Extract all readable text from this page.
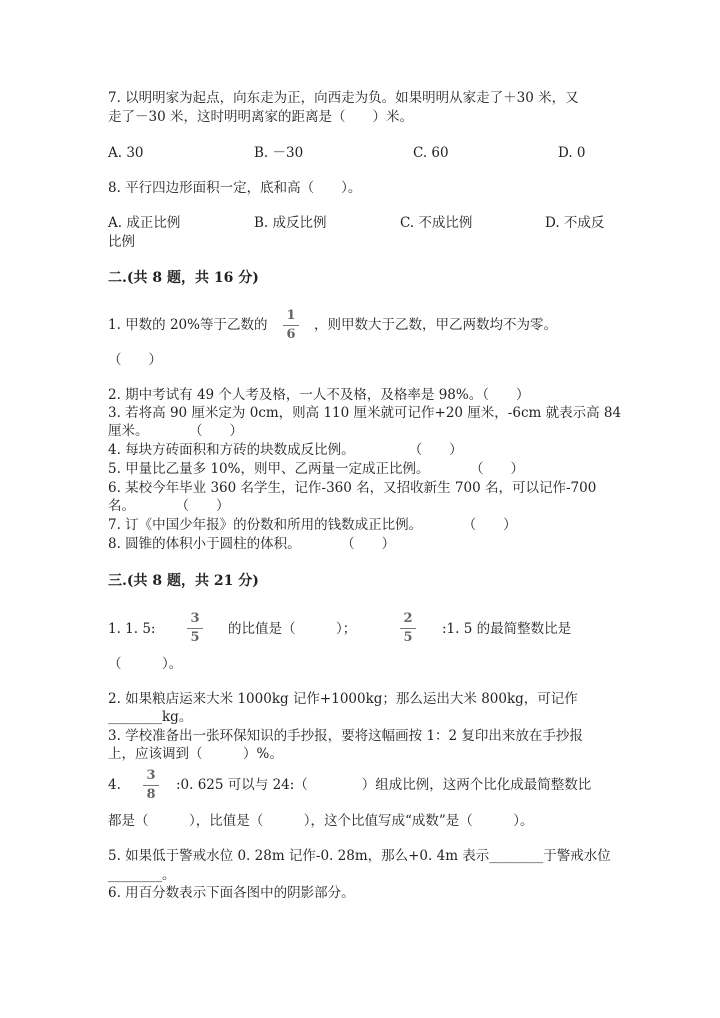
7. 以明明家为起点，向东走为正，向西走为负。如果明明从家走了＋30 米，又
走了－30 米，这时明明离家的距离是（　　）米。
A. 30	B. －30	C. 60	D. 0
8. 平行四边形面积一定，底和高（　　）。
A. 成正比例	B. 成反比例	C. 不成比例	D. 不成反
比例
二.(共 8 题，共 16 分)
1. 甲数的 20%等于乙数的
1
6
，则甲数大于乙数，甲乙两数均不为零。
（　　）
2. 期中考试有 49 个人考及格，一人不及格，及格率是 98%。（　　）
3. 若将高 90 厘米定为 0cm，则高 110 厘米就可记作+20 厘米，-6cm 就表示高 84
厘米。　　　　（　　）
4. 每块方砖面积和方砖的块数成反比例。　　　　　（　　）
5. 甲量比乙量多 10%，则甲、乙两量一定成正比例。　　　　（　　）
6. 某校今年毕业 360 名学生，记作-360 名，又招收新生 700 名，可以记作-700
名。　　　　（　　）
7. 订《中国少年报》的份数和所用的钱数成正比例。　　　　（　　）
8. 圆锥的体积小于圆柱的体积。　　　　（　　）
三.(共 8 题，共 21 分)
1. 1. 5:
3
5
的比值是（　　　）；
2
5
:1. 5 的最简整数比是
（　　　）。
2. 如果粮店运来大米 1000kg 记作+1000kg；那么运出大米 800kg，可记作
________kg。
3. 学校准备出一张环保知识的手抄报，要将这幅画按 1：2 复印出来放在手抄报
上，应该调到（　　　）%。
4.
3
8
:0. 625 可以与 24:（　　　　）组成比例，这两个比化成最简整数比
都是（　　　），比值是（　　　），这个比值写成“成数”是（　　　）。
5. 如果低于警戒水位 0. 28m 记作-0. 28m，那么+0. 4m 表示________于警戒水位
________。
6. 用百分数表示下面各图中的阴影部分。
